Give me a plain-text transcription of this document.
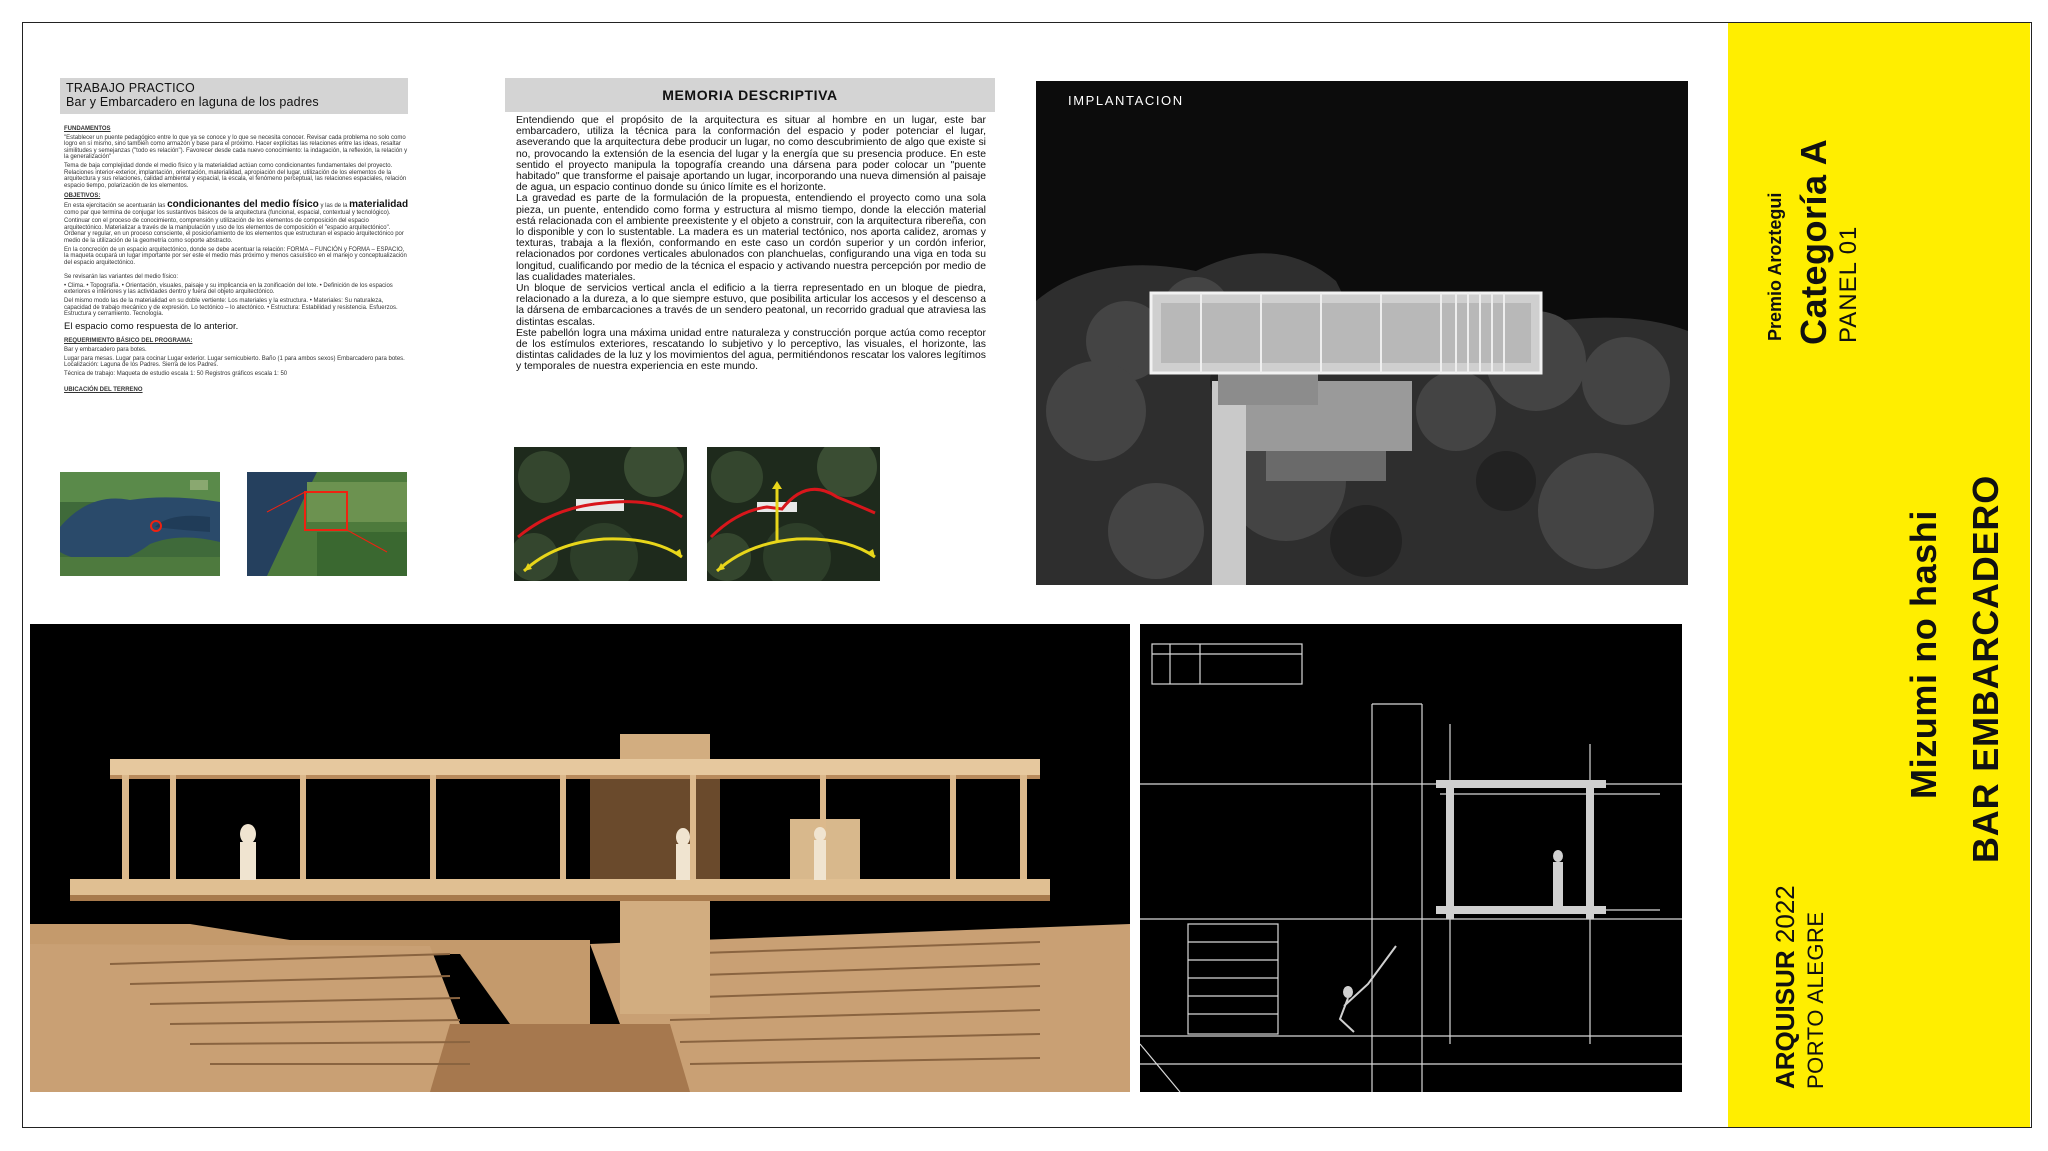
TRABAJO PRACTICO
Bar y Embarcadero en laguna de los padres
FUNDAMENTOS

"Establecer un puente pedagógico entre lo que ya se conoce y lo que se necesita conocer. Revisar cada problema no solo como logro en sí mismo, sino también como armazón y base para el próximo. Hacer explícitas las relaciones entre las ideas, resaltar similitudes y semejanzas ("todo es relación"). Favorecer desde cada nuevo conocimiento: la indagación, la reflexión, la relación y la generalización"

Tema de baja complejidad donde el medio físico y la materialidad actúan como condicionantes fundamentales del proyecto. Relaciones interior-exterior, implantación, orientación, materialidad, apropiación del lugar, utilización de los elementos de la arquitectura y sus relaciones, calidad ambiental y espacial, la escala, el fenómeno perceptual, las relaciones espaciales, relación espacio tiempo, polarización de los elementos.

OBJETIVOS:

En esta ejercitación se acentuarán las condicionantes del medio físico y las de la materialidad como par que termina de conjugar los sustantivos básicos de la arquitectura (funcional, espacial, contextual y tecnológico).

Continuar con el proceso de conocimiento, comprensión y utilización de los elementos de composición del espacio arquitectónico. Materializar a través de la manipulación y uso de los elementos de composición el "espacio arquitectónico". Ordenar y regular, en un proceso consciente, el posicionamiento de los elementos que estructuran el espacio arquitectónico por medio de la utilización de la geometría como soporte abstracto.

En la concreción de un espacio arquitectónico, donde se debe acentuar la relación: FORMA – FUNCIÓN y FORMA – ESPACIO, la maqueta ocupará un lugar importante por ser este el medio más próximo y menos casuístico en el manejo y conceptualización del espacio arquitectónico.

Se revisarán las variantes del medio físico:

• Clima. • Topografía. • Orientación, visuales, paisaje y su implicancia en la zonificación del lote. • Definición de los espacios exteriores e interiores y las actividades dentro y fuera del objeto arquitectónico.

Del mismo modo las de la materialidad en su doble vertiente: Los materiales y la estructura. • Materiales: Su naturaleza, capacidad de trabajo mecánico y de expresión. Lo tectónico – lo atectónico. • Estructura: Estabilidad y resistencia. Esfuerzos. Estructura y cerramiento. Tecnología.

El espacio como respuesta de lo anterior.
REQUERIMIENTO BÁSICO DEL PROGRAMA:

Bar y embarcadero para botes.

Lugar para mesas. Lugar para cocinar Lugar exterior. Lugar semicubierto. Baño (1 para ambos sexos) Embarcadero para botes. Localización: Laguna de los Padres. Sierra de los Padres.

Técnica de trabajo: Maqueta de estudio escala 1: 50 Registros gráficos escala 1: 50

UBICACIÓN DEL TERRENO
MEMORIA DESCRIPTIVA

Entendiendo que el propósito de la arquitectura es situar al hombre en un lugar, este bar embarcadero, utiliza la técnica para la conformación del espacio y poder potenciar el lugar, aseverando que la arquitectura debe producir un lugar, no como descubrimiento de algo que existe si no, provocando la extensión de la esencia del lugar y la energía que su presencia produce. En este sentido el proyecto manipula la topografía creando una dársena para poder colocar un "puente habitado" que transforme el paisaje aportando un lugar, incorporando una nueva dimensión al paisaje de agua, un espacio continuo donde su único límite es el horizonte.

La gravedad es parte de la formulación de la propuesta, entendiendo el proyecto como una sola pieza, un puente, entendido como forma y estructura al mismo tiempo, donde la elección material está relacionada con el ambiente preexistente y el objeto a construir, con la arquitectura ribereña, con lo disponible y con lo sustentable. La madera es un material tectónico, nos aporta calidez, aromas y texturas, trabaja a la flexión, conformando en este caso un cordón superior y un cordón inferior, relacionados por cordones verticales abulonados con planchuelas, configurando una viga en toda su longitud, cualificando por medio de la técnica el espacio y activando nuestra percepción por medio de las cualidades materiales.

Un bloque de servicios vertical ancla el edificio a la tierra representado en un bloque de piedra, relacionado a la dureza, a lo que siempre estuvo, que posibilita articular los accesos y el descenso a la dársena de embarcaciones a través de un sendero peatonal, un recorrido gradual que atraviesa las distintas escalas.

Este pabellón logra una máxima unidad entre naturaleza y construcción porque actúa como receptor de los estímulos exteriores, rescatando lo subjetivo y lo perceptivo, las visuales, el horizonte, las distintas calidades de la luz y los movimientos del agua, permitiéndonos rescatar los valores legítimos y temporales de nuestra experiencia en este mundo.

IMPLANTACION
Premio Aroztegui Categoría A PANEL 01
Mizumi no hashi BAR EMBARCADERO
ARQUISUR 2022 PORTO ALEGRE
